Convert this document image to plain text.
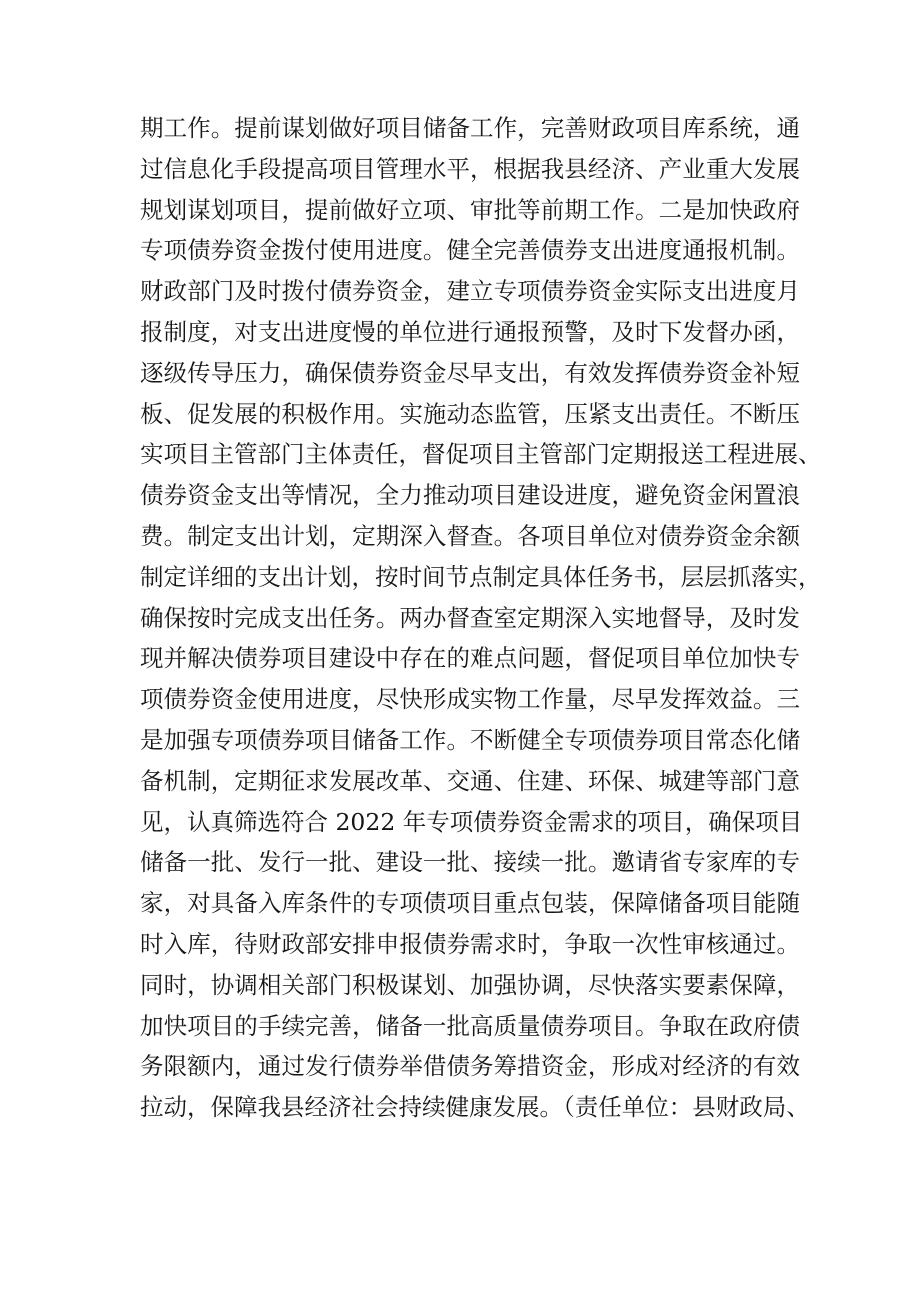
期工作。提前谋划做好项目储备工作，完善财政项目库系统，通
过信息化手段提高项目管理水平，根据我县经济、产业重大发展
规划谋划项目，提前做好立项、审批等前期工作。二是加快政府
专项债券资金拨付使用进度。健全完善债券支出进度通报机制。
财政部门及时拨付债券资金，建立专项债券资金实际支出进度月
报制度，对支出进度慢的单位进行通报预警，及时下发督办函，
逐级传导压力，确保债券资金尽早支出，有效发挥债券资金补短
板、促发展的积极作用。实施动态监管，压紧支出责任。不断压
实项目主管部门主体责任，督促项目主管部门定期报送工程进展、
债券资金支出等情况，全力推动项目建设进度，避免资金闲置浪
费。制定支出计划，定期深入督查。各项目单位对债券资金余额
制定详细的支出计划，按时间节点制定具体任务书，层层抓落实，
确保按时完成支出任务。两办督查室定期深入实地督导，及时发
现并解决债券项目建设中存在的难点问题，督促项目单位加快专
项债券资金使用进度，尽快形成实物工作量，尽早发挥效益。三
是加强专项债券项目储备工作。不断健全专项债券项目常态化储
备机制，定期征求发展改革、交通、住建、环保、城建等部门意
见，认真筛选符合 2022 年专项债券资金需求的项目，确保项目
储备一批、发行一批、建设一批、接续一批。邀请省专家库的专
家，对具备入库条件的专项债项目重点包装，保障储备项目能随
时入库，待财政部安排申报债券需求时，争取一次性审核通过。
同时，协调相关部门积极谋划、加强协调，尽快落实要素保障，
加快项目的手续完善，储备一批高质量债券项目。争取在政府债
务限额内，通过发行债券举借债务筹措资金，形成对经济的有效
拉动，保障我县经济社会持续健康发展。（责任单位：县财政局、
